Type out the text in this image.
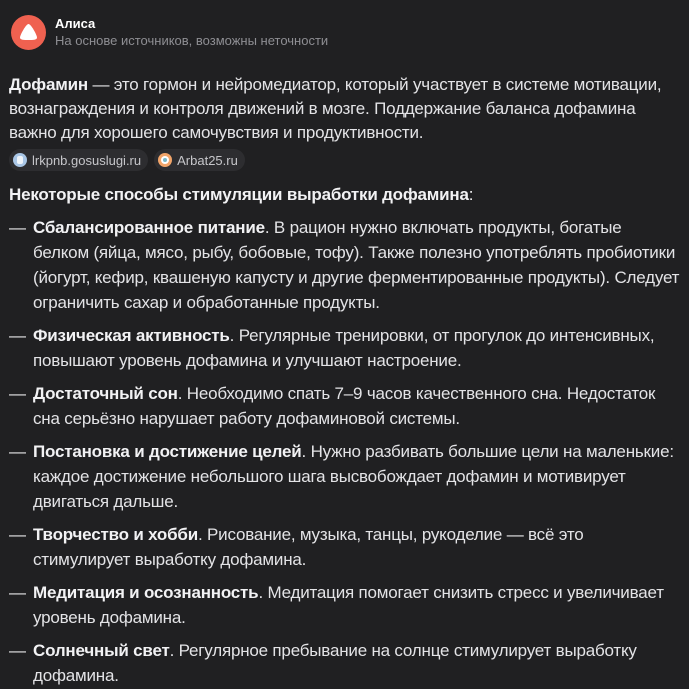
Алиса
На основе источников, возможны неточности
Дофамин — это гормон и нейромедиатор, который участвует в системе мотивации, вознаграждения и контроля движений в мозге. Поддержание баланса дофамина важно для хорошего самочувствия и продуктивности.
lrkpnb.gosuslugi.ru	Arbat25.ru
Некоторые способы стимуляции выработки дофамина:
— Сбалансированное питание. В рацион нужно включать продукты, богатые белком (яйца, мясо, рыбу, бобовые, тофу). Также полезно употреблять пробиотики (йогурт, кефир, квашеную капусту и другие ферментированные продукты). Следует ограничить сахар и обработанные продукты.
— Физическая активность. Регулярные тренировки, от прогулок до интенсивных, повышают уровень дофамина и улучшают настроение.
— Достаточный сон. Необходимо спать 7–9 часов качественного сна. Недостаток сна серьёзно нарушает работу дофаминовой системы.
— Постановка и достижение целей. Нужно разбивать большие цели на маленькие: каждое достижение небольшого шага высвобождает дофамин и мотивирует двигаться дальше.
— Творчество и хобби. Рисование, музыка, танцы, рукоделие — всё это стимулирует выработку дофамина.
— Медитация и осознанность. Медитация помогает снизить стресс и увеличивает уровень дофамина.
— Солнечный свет. Регулярное пребывание на солнце стимулирует выработку дофамина.
